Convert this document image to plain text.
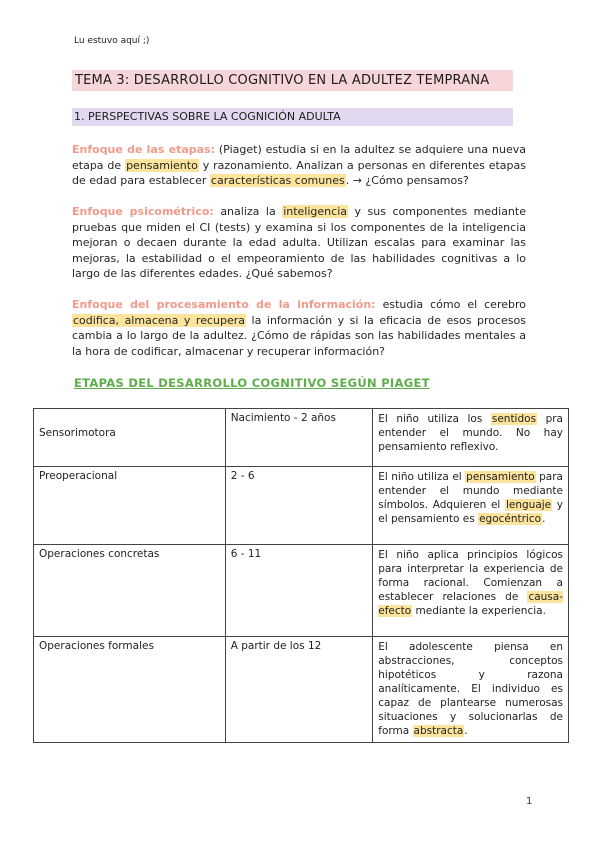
Lu estuvo aquí ;)
TEMA 3: DESARROLLO COGNITIVO EN LA ADULTEZ TEMPRANA
1. PERSPECTIVAS SOBRE LA COGNICIÓN ADULTA
Enfoque de las etapas: (Piaget) estudia si en la adultez se adquiere una nueva etapa de pensamiento y razonamiento. Analizan a personas en diferentes etapas de edad para establecer características comunes. → ¿Cómo pensamos?
Enfoque psicométrico: analiza la inteligencia y sus componentes mediante pruebas que miden el CI (tests) y examina si los componentes de la inteligencia mejoran o decaen durante la edad adulta. Utilizan escalas para examinar las mejoras, la estabilidad o el empeoramiento de las habilidades cognitivas a lo largo de las diferentes edades. ¿Qué sabemos?
Enfoque del procesamiento de la información: estudia cómo el cerebro codifica, almacena y recupera la información y si la eficacia de esos procesos cambia a lo largo de la adultez. ¿Cómo de rápidas son las habilidades mentales a la hora de codificar, almacenar y recuperar información?
ETAPAS DEL DESARROLLO COGNITIVO SEGÚN PIAGET
Sensorimotora	Nacimiento - 2 años	El niño utiliza los sentidos pra entender el mundo. No hay pensamiento reflexivo.

Preoperacional	2 - 6	El niño utiliza el pensamiento para entender el mundo mediante símbolos. Adquieren el lenguaje y el pensamiento es egocéntrico.

Operaciones concretas	6 - 11	El niño aplica principios lógicos para interpretar la experiencia de forma racional. Comienzan a establecer relaciones de causa-efecto mediante la experiencia.

Operaciones formales	A partir de los 12	El adolescente piensa en abstracciones, conceptos hipotéticos y razona analíticamente. El individuo es capaz de plantearse numerosas situaciones y solucionarlas de forma abstracta.
1
